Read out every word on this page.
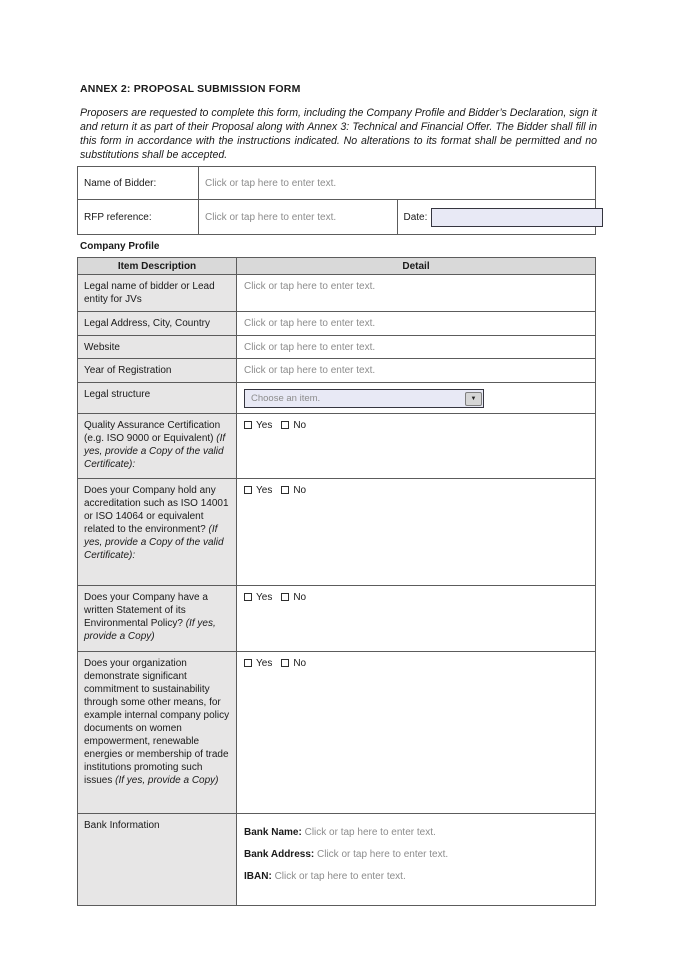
ANNEX 2: PROPOSAL SUBMISSION FORM
Proposers are requested to complete this form, including the Company Profile and Bidder’s Declaration, sign it and return it as part of their Proposal along with Annex 3: Technical and Financial Offer. The Bidder shall fill in this form in accordance with the instructions indicated. No alterations to its format shall be permitted and no substitutions shall be accepted.
Name of Bidder:	Click or tap here to enter text.	
RFP reference:	Click or tap here to enter text.	Date:
Company Profile
Item Description	Detail
Legal name of bidder or Lead entity for JVs	Click or tap here to enter text.
Legal Address, City, Country	Click or tap here to enter text.
Website	Click or tap here to enter text.
Year of Registration	Click or tap here to enter text.
Legal structure	Choose an item. ▼

Quality Assurance Certification (e.g. ISO 9000 or Equivalent) (If yes, provide a Copy of the valid Certificate):	Yes No
Does your Company hold any accreditation such as ISO 14001 or ISO 14064 or equivalent related to the environment? (If yes, provide a Copy of the valid Certificate):	Yes No
Does your Company have a written Statement of its Environmental Policy? (If yes, provide a Copy)	Yes No
Does your organization demonstrate significant commitment to sustainability through some other means, for example internal company policy documents on women empowerment, renewable energies or membership of trade institutions promoting such issues (If yes, provide a Copy)	Yes No
Bank Information	Bank Name: Click or tap here to enter text.
Bank Address: Click or tap here to enter text.
IBAN: Click or tap here to enter text.
